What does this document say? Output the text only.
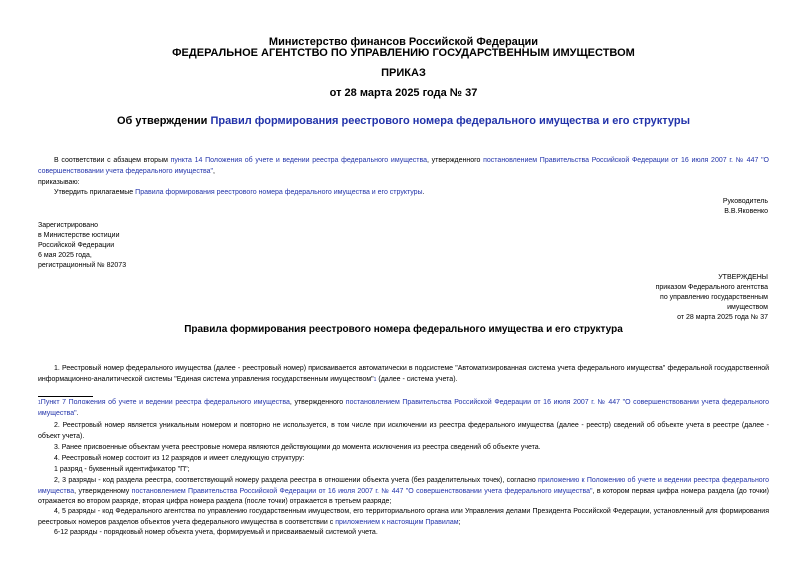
Министерство финансов Российской Федерации
ФЕДЕРАЛЬНОЕ АГЕНТСТВО ПО УПРАВЛЕНИЮ ГОСУДАРСТВЕННЫМ ИМУЩЕСТВОМ
ПРИКАЗ
от 28 марта 2025 года № 37
Об утверждении Правил формирования реестрового номера федерального имущества и его структуры
В соответствии с абзацем вторым пункта 14 Положения об учете и ведении реестра федерального имущества, утвержденного постановлением Правительства Российской Федерации от 16 июля 2007 г. № 447 "О совершенствовании учета федерального имущества",
приказываю:
Утвердить прилагаемые Правила формирования реестрового номера федерального имущества и его структуры.
Руководитель
В.В.Яковенко
Зарегистрировано
в Министерстве юстиции
Российской Федерации
6 мая 2025 года,
регистрационный № 82073
УТВЕРЖДЕНЫ
приказом Федерального агентства
по управлению государственным
имуществом
от 28 марта 2025 года № 37
Правила формирования реестрового номера федерального имущества и его структура
1. Реестровый номер федерального имущества (далее - реестровый номер) присваивается автоматически в подсистеме "Автоматизированная система учета федерального имущества" федеральной государственной информационно-аналитической системы "Единая система управления государственным имуществом"$^1$ (далее - система учета).
$^1$Пункт 7 Положения об учете и ведении реестра федерального имущества, утвержденного постановлением Правительства Российской Федерации от 16 июля 2007 г. № 447 "О совершенствовании учета федерального имущества".
2. Реестровый номер является уникальным номером и повторно не используется, в том числе при исключении из реестра федерального имущества (далее - реестр) сведений об объекте учета в реестре (далее - объект учета).
3. Ранее присвоенные объектам учета реестровые номера являются действующими до момента исключения из реестра сведений об объекте учета.
4. Реестровый номер состоит из 12 разрядов и имеет следующую структуру:
1 разряд - буквенный идентификатор "П";
2, 3 разряды - код раздела реестра, соответствующий номеру раздела реестра в отношении объекта учета (без разделительных точек), согласно приложению к Положению об учете и ведении реестра федерального имущества, утвержденному постановлением Правительства Российской Федерации от 16 июля 2007 г. № 447 "О совершенствовании учета федерального имущества", в котором первая цифра номера раздела (до точки) отражается во втором разряде, вторая цифра номера раздела (после точки) отражается в третьем разряде;
4, 5 разряды - код Федерального агентства по управлению государственным имуществом, его территориального органа или Управления делами Президента Российской Федерации, установленный для формирования реестровых номеров разделов объектов учета федерального имущества в соответствии с приложением к настоящим Правилам;
6-12 разряды - порядковый номер объекта учета, формируемый и присваиваемый системой учета.
